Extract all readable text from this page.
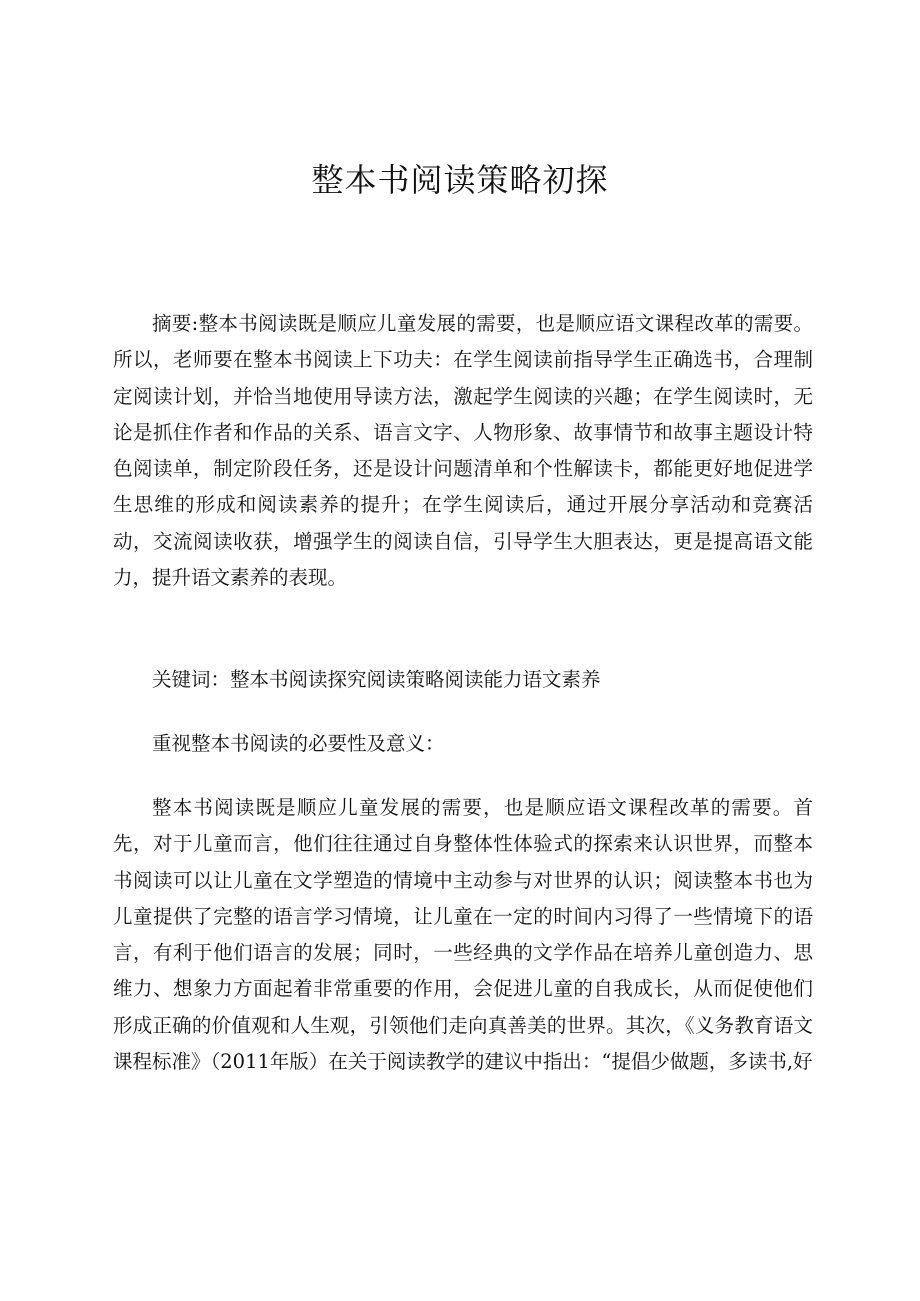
整本书阅读策略初探

摘要:整本书阅读既是顺应儿童发展的需要，也是顺应语文课程改革的需要。所以，老师要在整本书阅读上下功夫：在学生阅读前指导学生正确选书，合理制定阅读计划，并恰当地使用导读方法，激起学生阅读的兴趣；在学生阅读时，无论是抓住作者和作品的关系、语言文字、人物形象、故事情节和故事主题设计特色阅读单，制定阶段任务，还是设计问题清单和个性解读卡，都能更好地促进学生思维的形成和阅读素养的提升；在学生阅读后，通过开展分享活动和竞赛活动，交流阅读收获，增强学生的阅读自信，引导学生大胆表达，更是提高语文能力，提升语文素养的表现。

关键词：整本书阅读探究阅读策略阅读能力语文素养

重视整本书阅读的必要性及意义：

整本书阅读既是顺应儿童发展的需要，也是顺应语文课程改革的需要。首先，对于儿童而言，他们往往通过自身整体性体验式的探索来认识世界，而整本书阅读可以让儿童在文学塑造的情境中主动参与对世界的认识；阅读整本书也为儿童提供了完整的语言学习情境，让儿童在一定的时间内习得了一些情境下的语言，有利于他们语言的发展；同时，一些经典的文学作品在培养儿童创造力、思维力、想象力方面起着非常重要的作用，会促进儿童的自我成长，从而促使他们形成正确的价值观和人生观，引领他们走向真善美的世界。其次，《义务教育语文课程标准》（2011年版）在关于阅读教学的建议中指出：“提倡少做题，多读书,好
